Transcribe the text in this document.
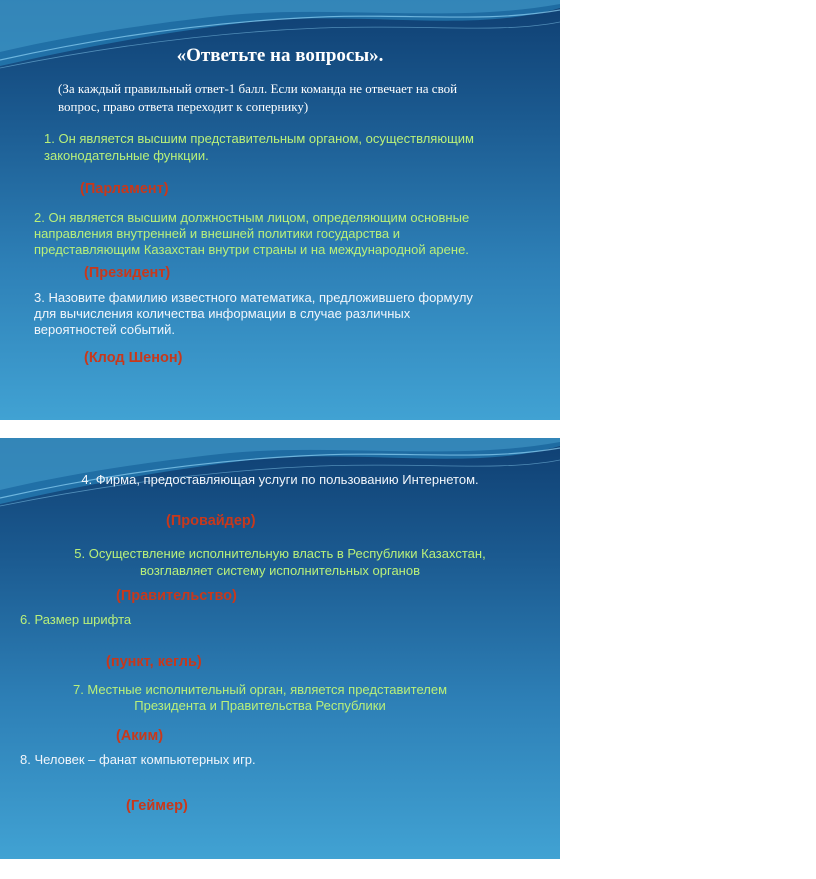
«Ответьте на вопросы».

(За каждый правильный ответ-1 балл. Если команда не отвечает на свой

вопрос, право ответа переходит к сопернику)

1. Он является высшим представительным органом, осуществляющим

законодательные функции.

(Парламент)

2. Он является высшим должностным лицом, определяющим основные

направления внутренней и внешней политики государства и

представляющим Казахстан внутри страны и на международной арене.

(Президент)

3. Назовите фамилию известного математика, предложившего формулу

для вычисления количества информации в случае различных

вероятностей событий.

(Клод Шенон)

4. Фирма, предоставляющая услуги по пользованию Интернетом.

(Провайдер)

5. Осуществление исполнительную власть в Республики Казахстан,

возглавляет систему исполнительных органов

(Правительство)

6. Размер шрифта

(пункт, кегль)

7. Местные исполнительный орган, является представителем

Президента и Правительства Республики

(Аким)

8. Человек – фанат компьютерных игр.

(Геймер)
